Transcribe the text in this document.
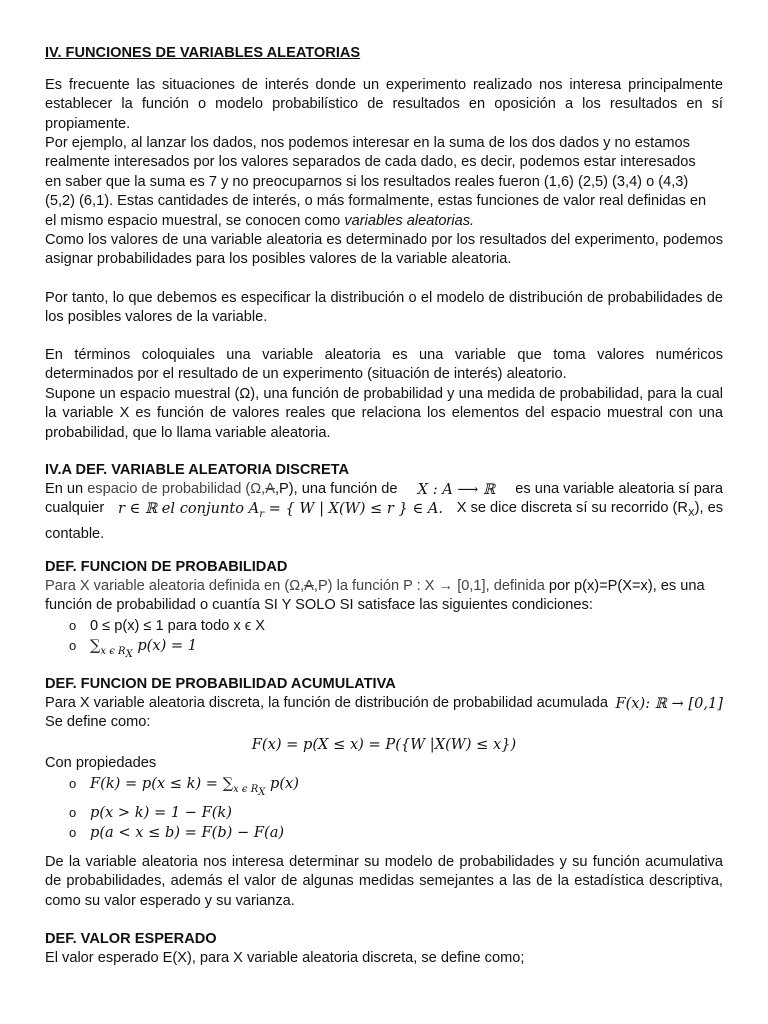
IV. FUNCIONES DE VARIABLES ALEATORIAS

Es frecuente las situaciones de interés donde un experimento realizado nos interesa principalmente establecer la función o modelo probabilístico de resultados en oposición a los resultados en sí propiamente.

Por ejemplo, al lanzar los dados, nos podemos interesar en la suma de los dos dados y no estamos

realmente interesados por los valores separados de cada dado, es decir, podemos estar interesados

en saber que la suma es 7 y no preocuparnos si los resultados reales fueron (1,6) (2,5) (3,4) o (4,3)

(5,2) (6,1). Estas cantidades de interés, o más formalmente, estas funciones de valor real definidas en

el mismo espacio muestral, se conocen como variables aleatorias.

Como los valores de una variable aleatoria es determinado por los resultados del experimento, podemos asignar probabilidades para los posibles valores de la variable aleatoria.

Por tanto, lo que debemos es especificar la distribución o el modelo de distribución de probabilidades de los posibles valores de la variable.

En términos coloquiales una variable aleatoria es una variable que toma valores numéricos determinados por el resultado de un experimento (situación de interés) aleatorio.

Supone un espacio muestral (Ω), una función de probabilidad y una medida de probabilidad, para la cual la variable X es función de valores reales que relaciona los elementos del espacio muestral con una probabilidad, que lo llama variable aleatoria.

IV.A DEF. VARIABLE ALEATORIA DISCRETA

En un espacio de probabilidad (Ω,A,P), una función de X : A ⟶ ℝ es una variable aleatoria sí para

cualquier r ∈ ℝ el conjunto $A_r$ = { W | X(W) ≤ r } ∈ A. X se dice discreta sí su recorrido $(R_X)$, es

contable.

DEF. FUNCION DE PROBABILIDAD

Para X variable aleatoria definida en (Ω,A,P) la función P : X → [0,1], definida por p(x)=P(X=x), es una

función de probabilidad o cuantía SI Y SOLO SI satisface las siguientes condiciones:

o 0 ≤ p(x) ≤ 1 para todo x ϵ X
o $\sum_{x \epsilon R_X}$ p(x) = 1
DEF. FUNCION DE PROBABILIDAD ACUMULATIVA

Para X variable aleatoria discreta, la función de distribución de probabilidad acumulada F(x): ℝ → [0,1]

Se define como:

F(x) = p(X ≤ x) = P({W |X(W) ≤ x})

Con propiedades

o $F(k) = p(x \le k) = \sum_{x \epsilon R_X}$ p(x)
o p(x > k) = 1 − F(k)
o p(a < x ≤ b) = F(b) − F(a)

De la variable aleatoria nos interesa determinar su modelo de probabilidades y su función acumulativa de probabilidades, además el valor de algunas medidas semejantes a las de la estadística descriptiva, como su valor esperado y su varianza.

DEF. VALOR ESPERADO

El valor esperado E(X), para X variable aleatoria discreta, se define como;
